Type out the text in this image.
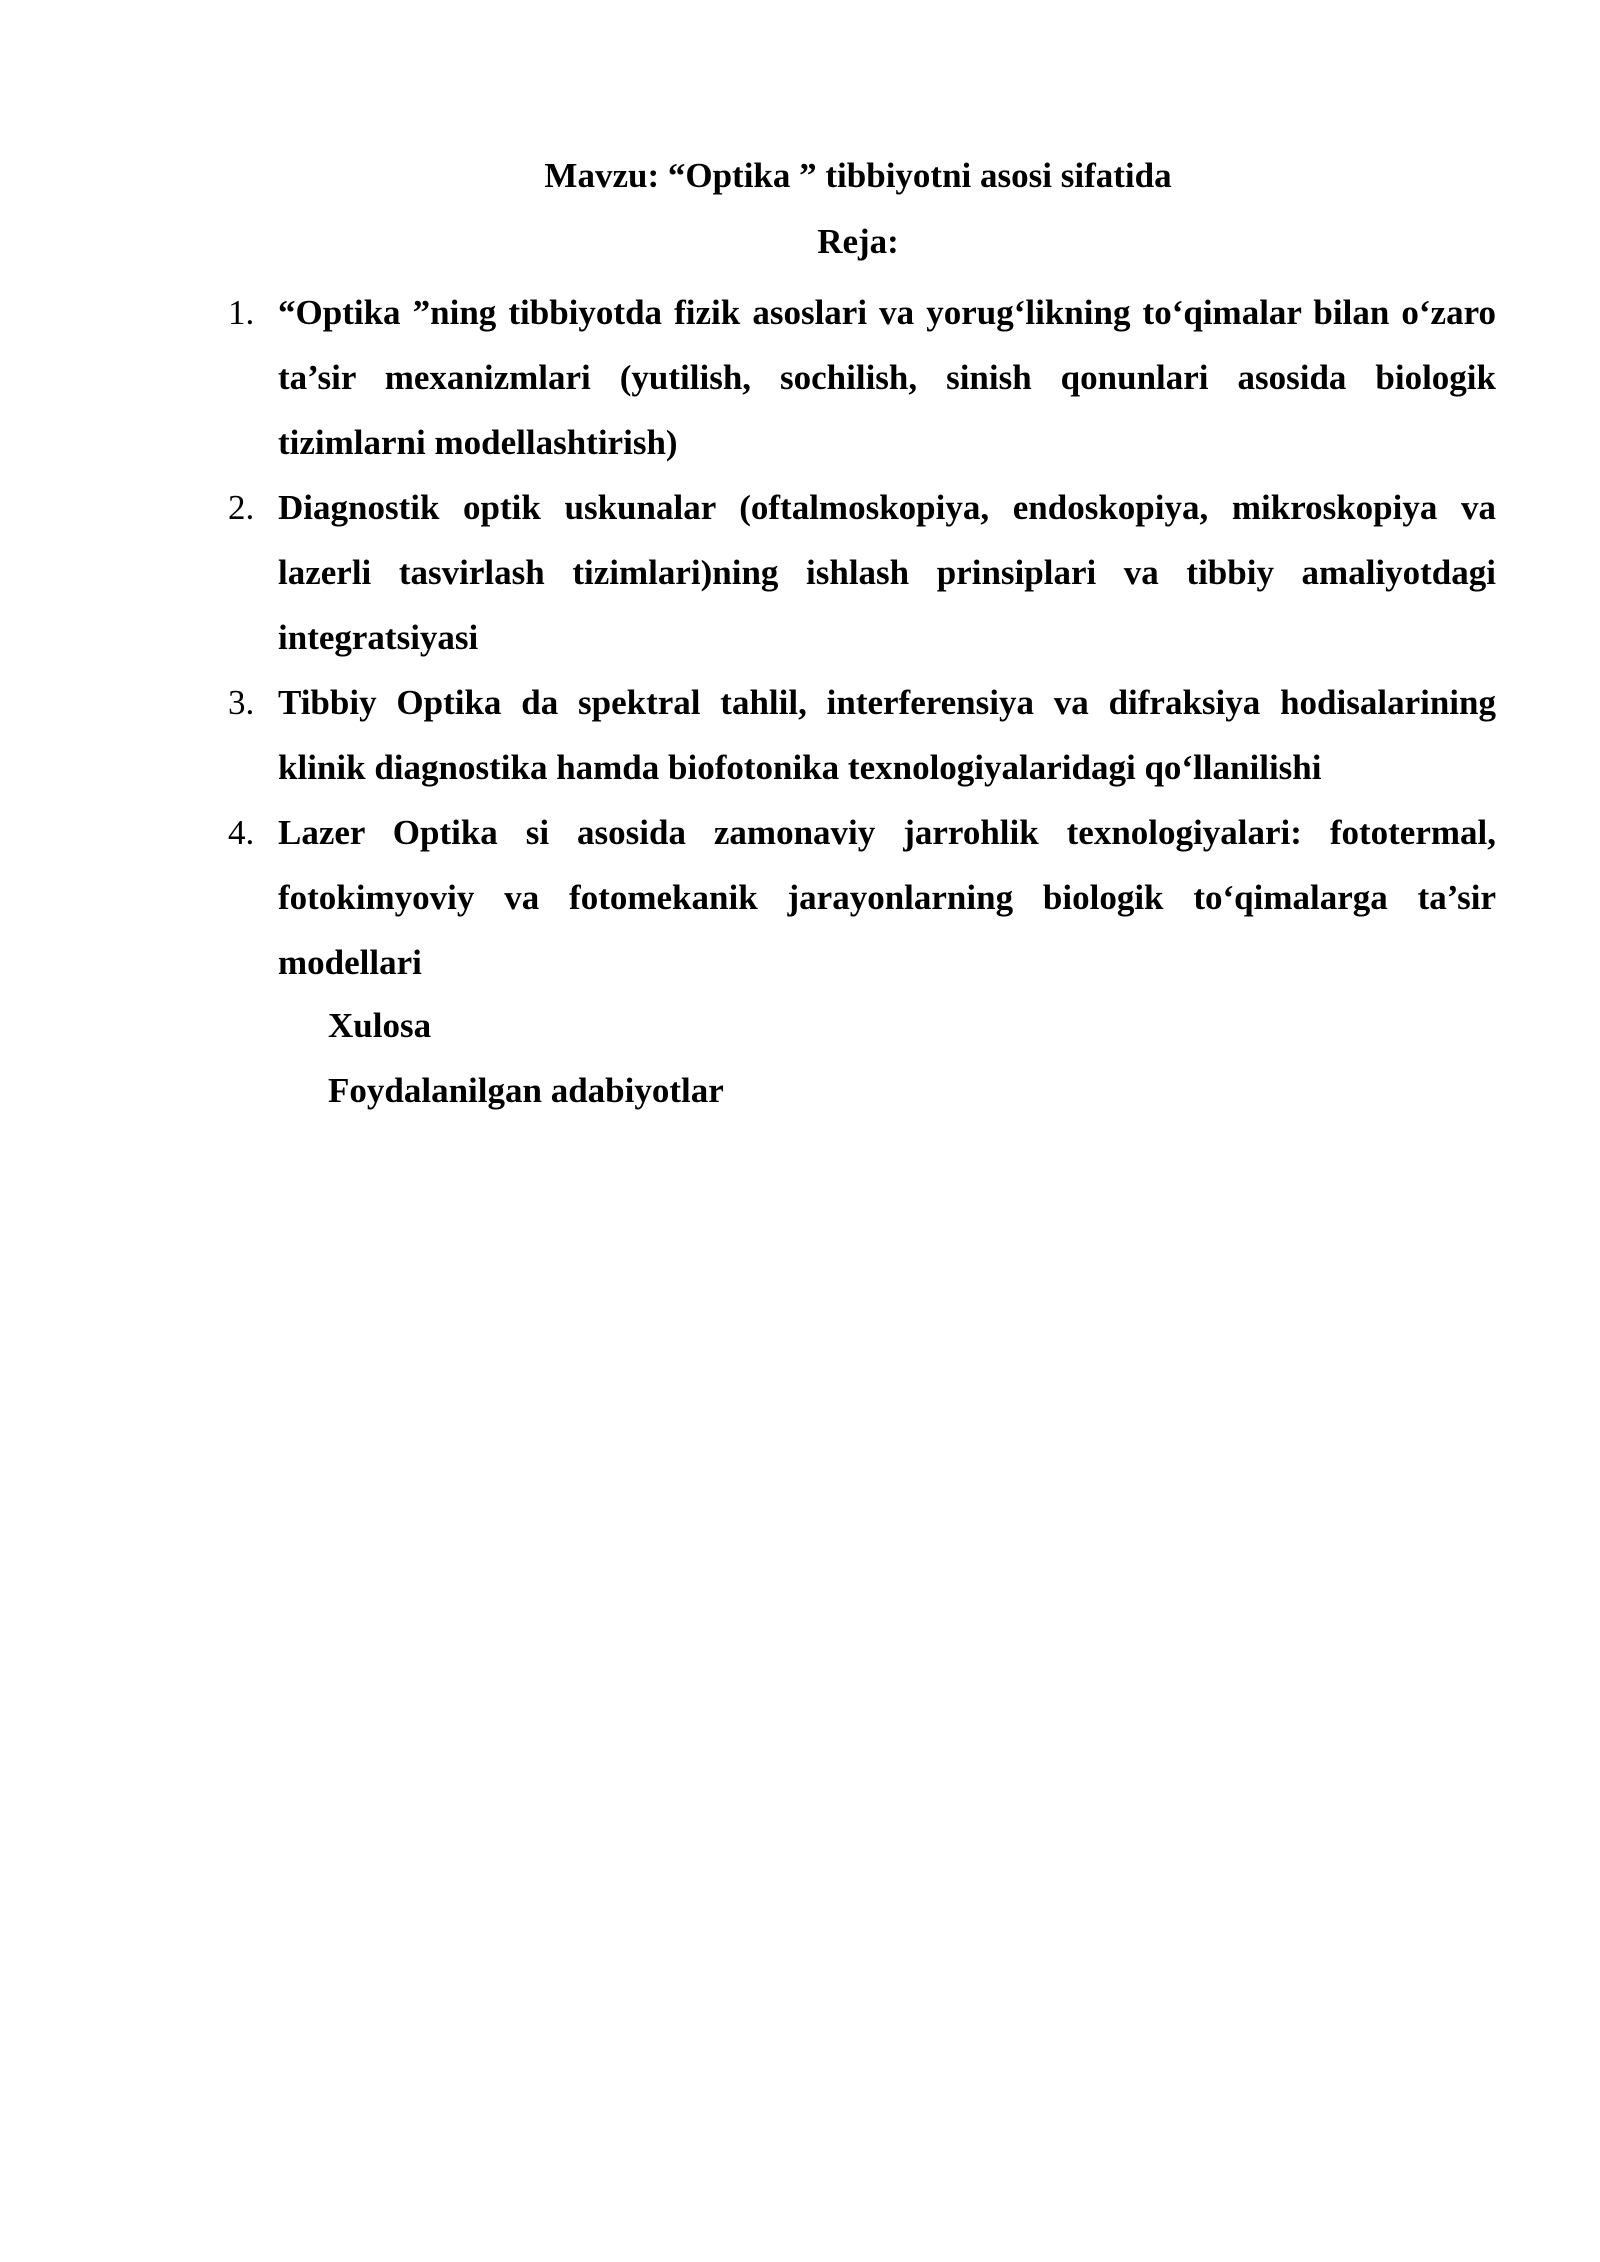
Mavzu: “Optika ” tibbiyotni asosi sifatida
Reja:
1. “Optika ”ning tibbiyotda fizik asoslari va yorug‘likning to‘qimalar bilan o‘zaro ta’sir mexanizmlari (yutilish, sochilish, sinish qonunlari asosida biologik tizimlarni modellashtirish)
2. Diagnostik optik uskunalar (oftalmoskopiya, endoskopiya, mikroskopiya va lazerli tasvirlash tizimlari)ning ishlash prinsiplari va tibbiy amaliyotdagi integratsiyasi
3. Tibbiy Optika da spektral tahlil, interferensiya va difraksiya hodisalarining klinik diagnostika hamda biofotonika texnologiyalaridagi qo‘llanilishi
4. Lazer Optika si asosida zamonaviy jarrohlik texnologiyalari: fototermal, fotokimyoviy va fotomekanik jarayonlarning biologik to‘qimalarga ta’sir modellari
Xulosa
Foydalanilgan adabiyotlar
